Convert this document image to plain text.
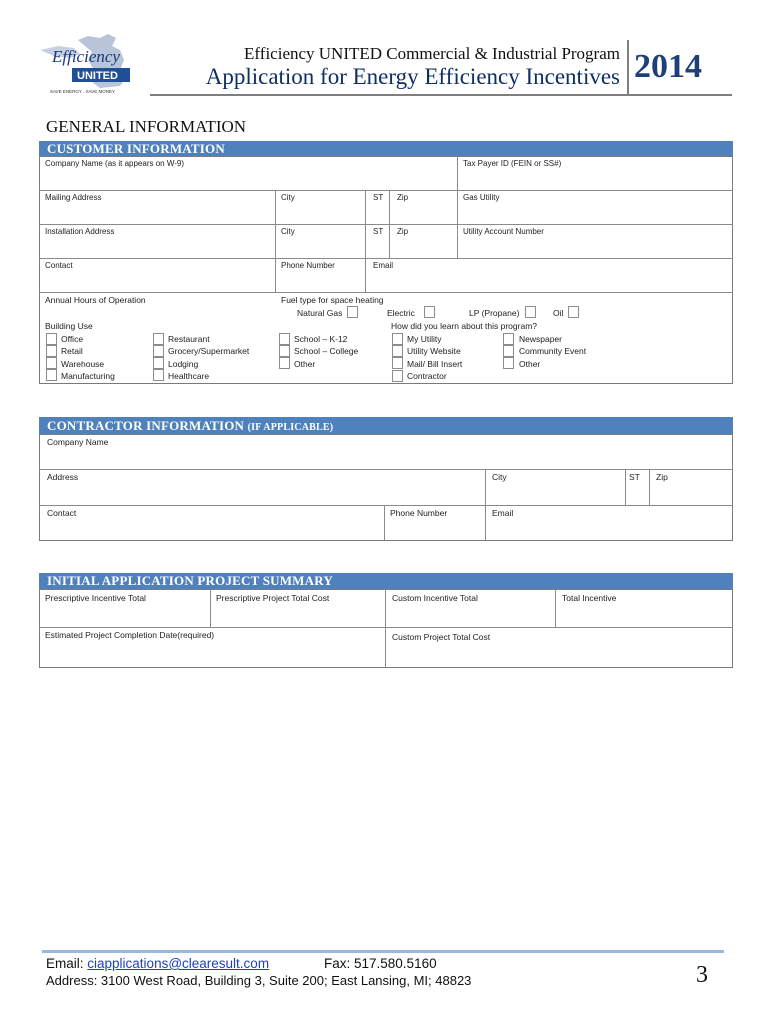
Efficiency
UNITED
SAVE ENERGY . SAVE MONEY
Efficiency UNITED Commercial & Industrial Program
Application for Energy Efficiency Incentives 2014
GENERAL INFORMATION
CUSTOMER INFORMATION
Company Name (as it appears on W-9)	Tax Payer ID (FEIN or SS#)
Mailing Address	City	ST Zip	Gas Utility
Installation Address	City	ST Zip	Utility Account Number
Contact	Phone Number	Email
Annual Hours of Operation	Fuel type for space heating
Natural Gas	Electric	LP (Propane)	Oil
Building Use
Office
Retail
Warehouse
Manufacturing
Restaurant
Grocery/Supermarket
Lodging
Healthcare
School – K-12
School – College
Other
How did you learn about this program?
My Utility
Utility Website
Mail/ Bill Insert
Contractor
Newspaper
Community Event
Other
CONTRACTOR INFORMATION (IF APPLICABLE)
Company Name
Address	City	ST Zip
Contact	Phone Number	Email
INITIAL APPLICATION PROJECT SUMMARY
Prescriptive Incentive Total	Prescriptive Project Total Cost	Custom Incentive Total	Total Incentive
Estimated Project Completion Date(required)	Custom Project Total Cost
Email: ciapplications@clearesult.com	Fax: 517.580.5160
Address: 3100 West Road, Building 3, Suite 200; East Lansing, MI; 48823	3
